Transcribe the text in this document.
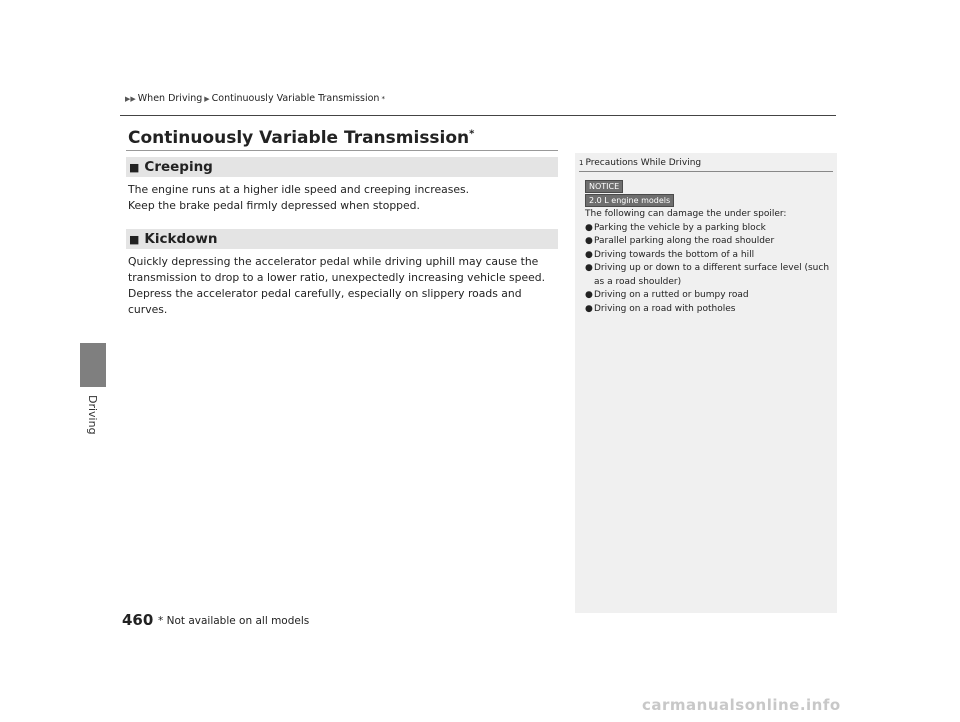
Driving
▶▶ When Driving ▶ Continuously Variable Transmission *
Continuously Variable Transmission*
■ Creeping
The engine runs at a higher idle speed and creeping increases.
Keep the brake pedal firmly depressed when stopped.
■ Kickdown
Quickly depressing the accelerator pedal while driving uphill may cause the
transmission to drop to a lower ratio, unexpectedly increasing vehicle speed.
Depress the accelerator pedal carefully, especially on slippery roads and curves.
1 Precautions While Driving
NOTICE
2.0 L engine models
The following can damage the under spoiler:
● Parking the vehicle by a parking block
● Parallel parking along the road shoulder
● Driving towards the bottom of a hill
● Driving up or down to a different surface level (such as a road shoulder)
● Driving on a rutted or bumpy road
● Driving on a road with potholes
460 * Not available on all models
carmanualsonline.info
